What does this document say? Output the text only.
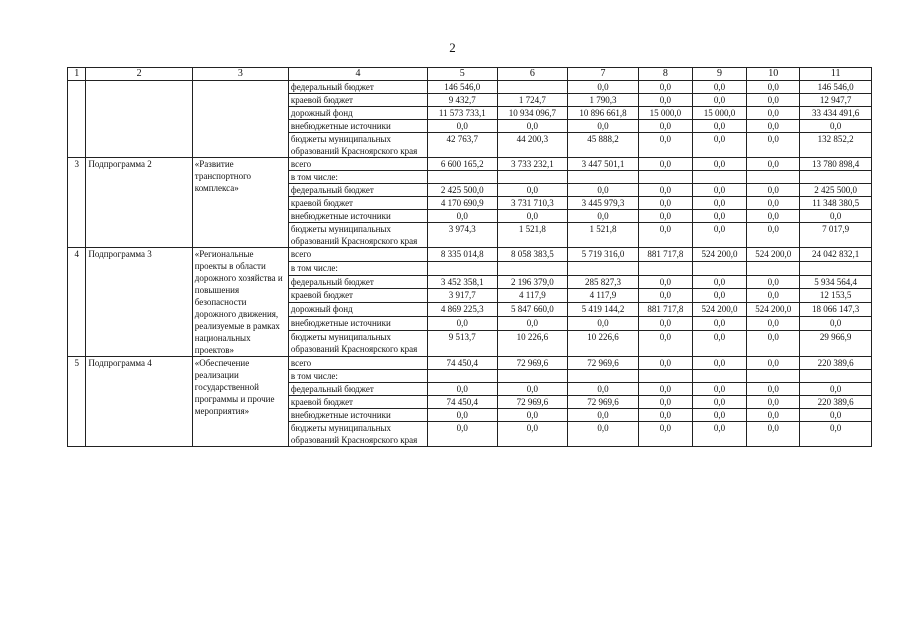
2
1	2	3	4	5	6	7	8	9	10	11
			федеральный бюджет	146 546,0		0,0	0,0	0,0	0,0	146 546,0
			краевой бюджет	9 432,7	1 724,7	1 790,3	0,0	0,0	0,0	12 947,7
			дорожный фонд	11 573 733,1	10 934 096,7	10 896 661,8	15 000,0	15 000,0	0,0	33 434 491,6
			внебюджетные источники	0,0	0,0	0,0	0,0	0,0	0,0	0,0
			бюджеты муниципальных образований Красноярского края	42 763,7	44 200,3	45 888,2	0,0	0,0	0,0	132 852,2
3	Подпрограмма 2	«Развитие транспортного комплекса»	всего	6 600 165,2	3 733 232,1	3 447 501,1	0,0	0,0	0,0	13 780 898,4
			в том числе:							
			федеральный бюджет	2 425 500,0	0,0	0,0	0,0	0,0	0,0	2 425 500,0
			краевой бюджет	4 170 690,9	3 731 710,3	3 445 979,3	0,0	0,0	0,0	11 348 380,5
			внебюджетные источники	0,0	0,0	0,0	0,0	0,0	0,0	0,0
			бюджеты муниципальных образований Красноярского края	3 974,3	1 521,8	1 521,8	0,0	0,0	0,0	7 017,9
4	Подпрограмма 3	«Региональные проекты в области дорожного хозяйства и повышения безопасности дорожного движения, реализуемые в рамках национальных проектов»	всего	8 335 014,8	8 058 383,5	5 719 316,0	881 717,8	524 200,0	524 200,0	24 042 832,1
			в том числе:							
			федеральный бюджет	3 452 358,1	2 196 379,0	285 827,3	0,0	0,0	0,0	5 934 564,4
			краевой бюджет	3 917,7	4 117,9	4 117,9	0,0	0,0	0,0	12 153,5
			дорожный фонд	4 869 225,3	5 847 660,0	5 419 144,2	881 717,8	524 200,0	524 200,0	18 066 147,3
			внебюджетные источники	0,0	0,0	0,0	0,0	0,0	0,0	0,0
			бюджеты муниципальных образований Красноярского края	9 513,7	10 226,6	10 226,6	0,0	0,0	0,0	29 966,9
5	Подпрограмма 4	«Обеспечение реализации государственной программы и прочие мероприятия»	всего	74 450,4	72 969,6	72 969,6	0,0	0,0	0,0	220 389,6
			в том числе:							
			федеральный бюджет	0,0	0,0	0,0	0,0	0,0	0,0	0,0
			краевой бюджет	74 450,4	72 969,6	72 969,6	0,0	0,0	0,0	220 389,6
			внебюджетные источники	0,0	0,0	0,0	0,0	0,0	0,0	0,0
			бюджеты муниципальных образований Красноярского края	0,0	0,0	0,0	0,0	0,0	0,0	0,0
